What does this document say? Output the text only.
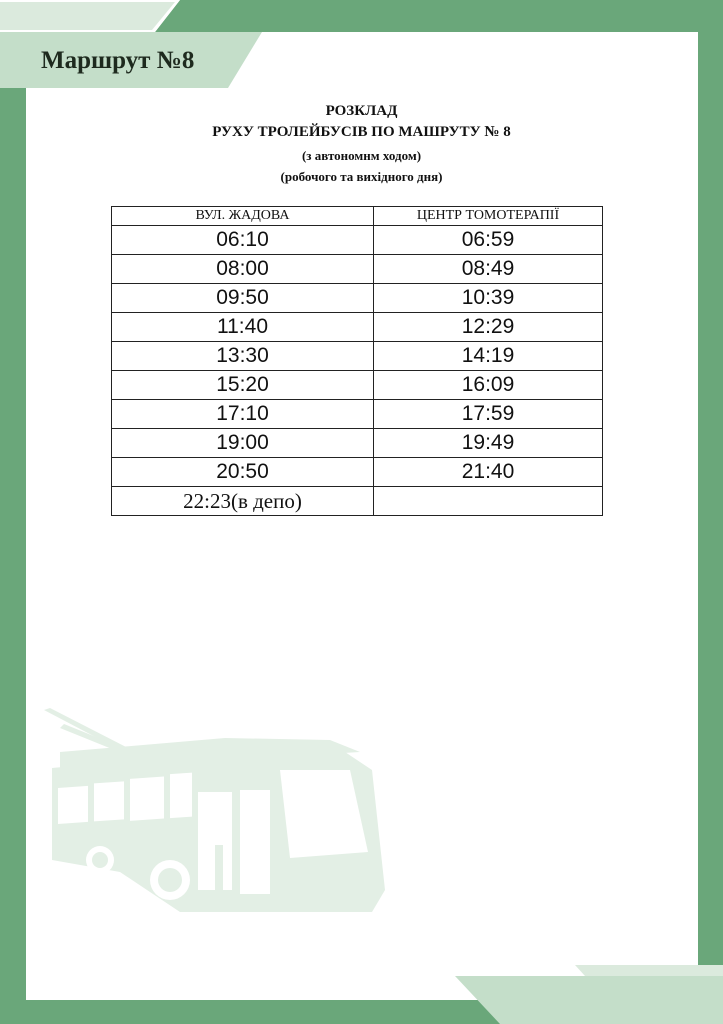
Маршрут №8
РОЗКЛАД
РУХУ ТРОЛЕЙБУСІВ ПО МАШРУТУ № 8
(з автономнм ходом)
(робочого та вихідного дня)
ВУЛ. ЖАДОВА	ЦЕНТР ТОМОТЕРАПІЇ
06:10	06:59
08:00	08:49
09:50	10:39
11:40	12:29
13:30	14:19
15:20	16:09
17:10	17:59
19:00	19:49
20:50	21:40
22:23(в депо)	
